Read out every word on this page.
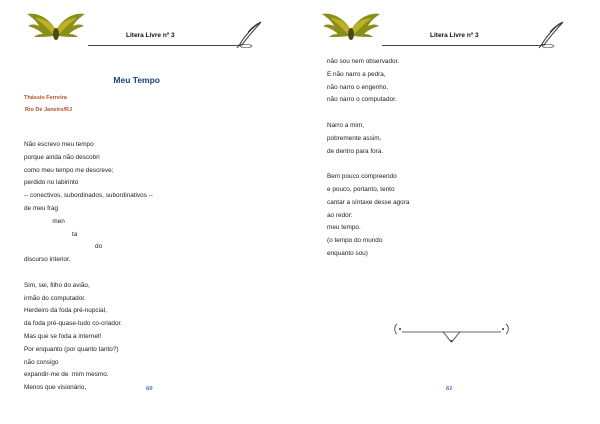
Litera Livre nº 3
Meu Tempo
Thássio Ferreira
Rio De Janeiro/RJ
Não escrevo meu tempo
porque ainda não descobri
como meu tempo me descreve;
perdido no labirinto
-- conectivos, subordinados, subordinativos --
de meu frag
men
ta
do
discurso interior.
Sim, sei, filho do avião,
irmão do computador.
Herdeiro da foda pré-nupcial,
da foda pré-quase-tudo co-criador.
Mas que se foda a internet!
Por enquanto (por quanto tanto?)
não consigo
expandir-me de  mim mesmo.
Menos que visionário,	60
Litera Livre nº 3
não sou nem observador.
E não narro a pedra,
não narro o engenho,
não narro o computador.
Narro a mim,
pobremente assim,
de dentro para fora.
Bem pouco compreendo
e pouco, portanto, tento
cantar a síntaxe desse agora
ao redor:
meu tempo.
(o tempo do mundo
enquanto sou)
61
